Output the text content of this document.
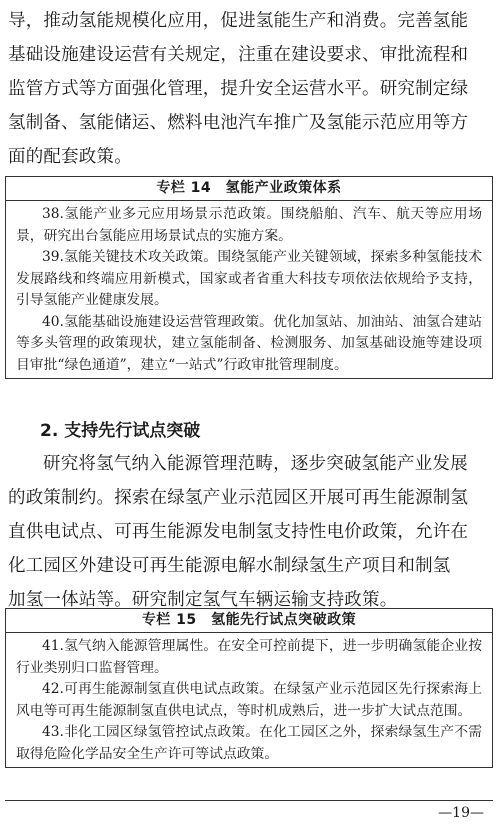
导，推动氢能规模化应用，促进氢能生产和消费。完善氢能
基础设施建设运营有关规定，注重在建设要求、审批流程和
监管方式等方面强化管理，提升安全运营水平。研究制定绿
氢制备、氢能储运、燃料电池汽车推广及氢能示范应用等方
面的配套政策。
专栏 14　氢能产业政策体系

38.氢能产业多元应用场景示范政策。围绕船舶、汽车、航天等应用场景，研究出台氢能应用场景试点的实施方案。

39.氢能关键技术攻关政策。围绕氢能产业关键领域，探索多种氢能技术发展路线和终端应用新模式，国家或者省重大科技专项依法依规给予支持，引导氢能产业健康发展。

40.氢能基础设施建设运营管理政策。优化加氢站、加油站、油氢合建站等多头管理的政策现状，建立氢能制备、检测服务、加氢基础设施等建设项目审批“绿色通道”，建立“一站式”行政审批管理制度。

2. 支持先行试点突破
研究将氢气纳入能源管理范畴，逐步突破氢能产业发展
的政策制约。探索在绿氢产业示范园区开展可再生能源制氢
直供电试点、可再生能源发电制氢支持性电价政策，允许在
化工园区外建设可再生能源电解水制绿氢生产项目和制氢
加氢一体站等。研究制定氢气车辆运输支持政策。
专栏 15　氢能先行试点突破政策

41.氢气纳入能源管理属性。在安全可控前提下，进一步明确氢能企业按行业类别归口监督管理。

42.可再生能源制氢直供电试点政策。在绿氢产业示范园区先行探索海上风电等可再生能源制氢直供电试点，等时机成熟后，进一步扩大试点范围。

43.非化工园区绿氢管控试点政策。在化工园区之外，探索绿氢生产不需取得危险化学品安全生产许可等试点政策。

—19—
